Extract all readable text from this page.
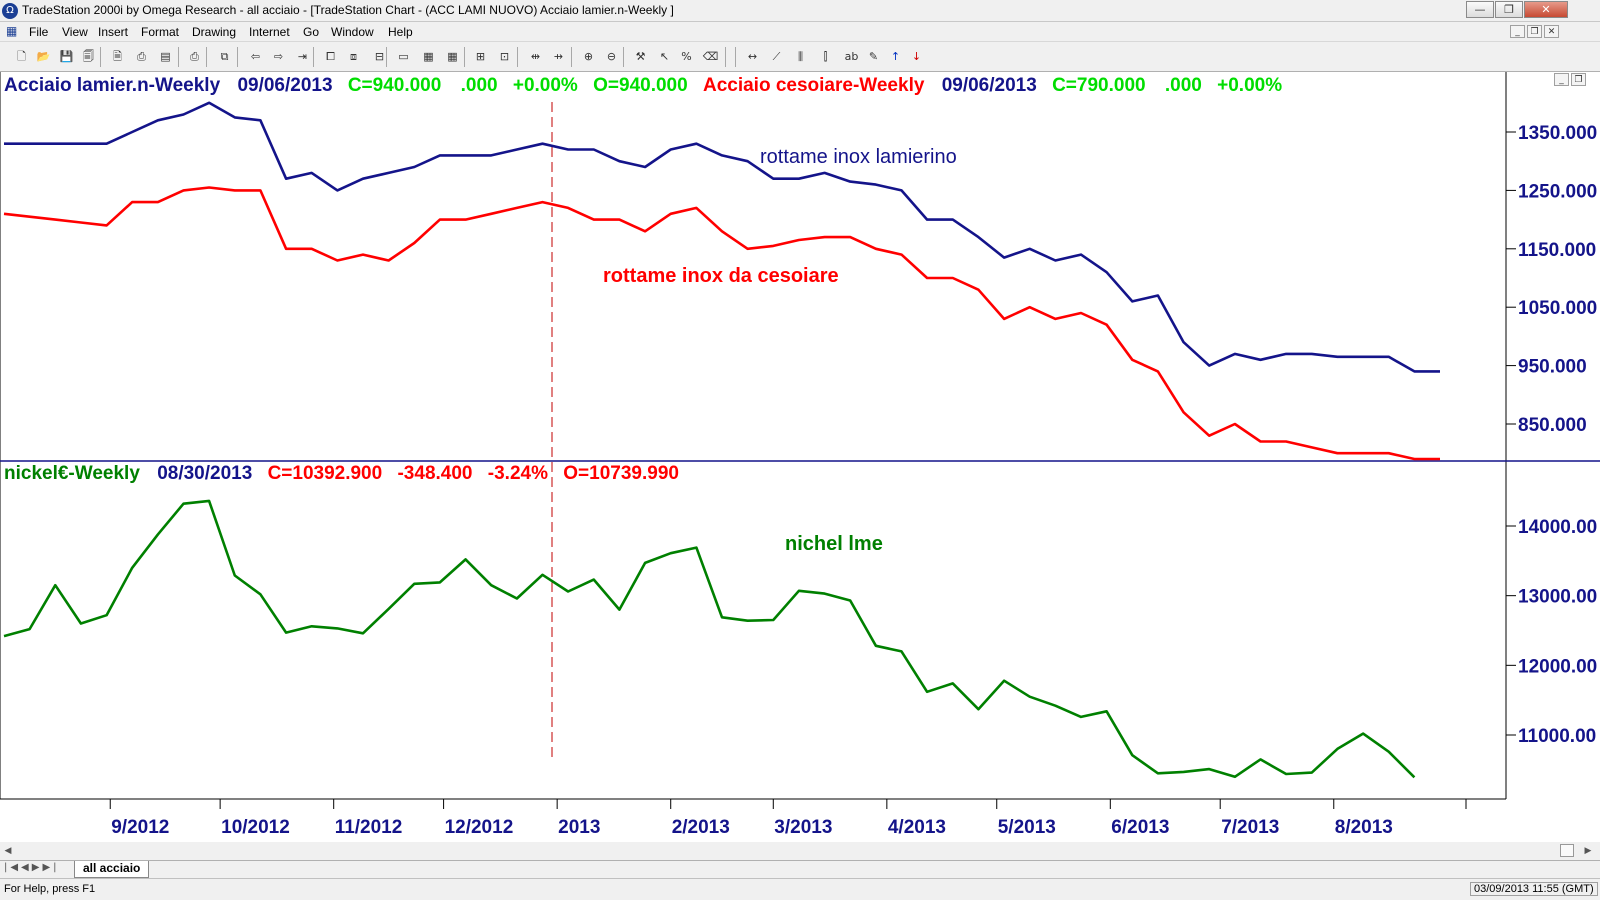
Ω TradeStation 2000i by Omega Research - all acciaio - [TradeStation Chart - (ACC LAMI NUOVO) Acciaio lamier.n-Weekly ]	—	❐	✕
▦ File View Insert Format Drawing Internet Go Window Help	_	❐	✕
🗋 📂 💾 🗐	🗎	⎙	▤	⎙	⧉	⇦	⇨	⇥	⧠	⧈	⊟	▭ ▦ ▦	⊞	⊡	⇹	⇸	⊕	⊖	⚒	↖	% ⌫	↔	⟋	⫼	⫿	ab ✎	↑	↓
1350.000
1250.000
1150.000
1050.000
950.000
850.000
14000.00
13000.00
12000.00
11000.00
9/2012	10/2012 11/2012 12/2012 2013	2/2013 3/2013	4/2013	5/2013	6/2013	7/2013	8/2013
rottame inox lamierino
rottame inox da cesoiare
nichel lme
Acciaio lamier.n-Weekly 09/06/2013 C=940.000 .000 +0.00% O=940.000 Acciaio cesoiare-Weekly 09/06/2013 C=790.000 .000 +0.00%
nickel€-Weekly 08/30/2013 C=10392.900 -348.400 -3.24% O=10739.990
_	❐
◀	▶
|◀◀▶▶|	all acciaio
For Help, press F1	03/09/2013 11:55 (GMT)
